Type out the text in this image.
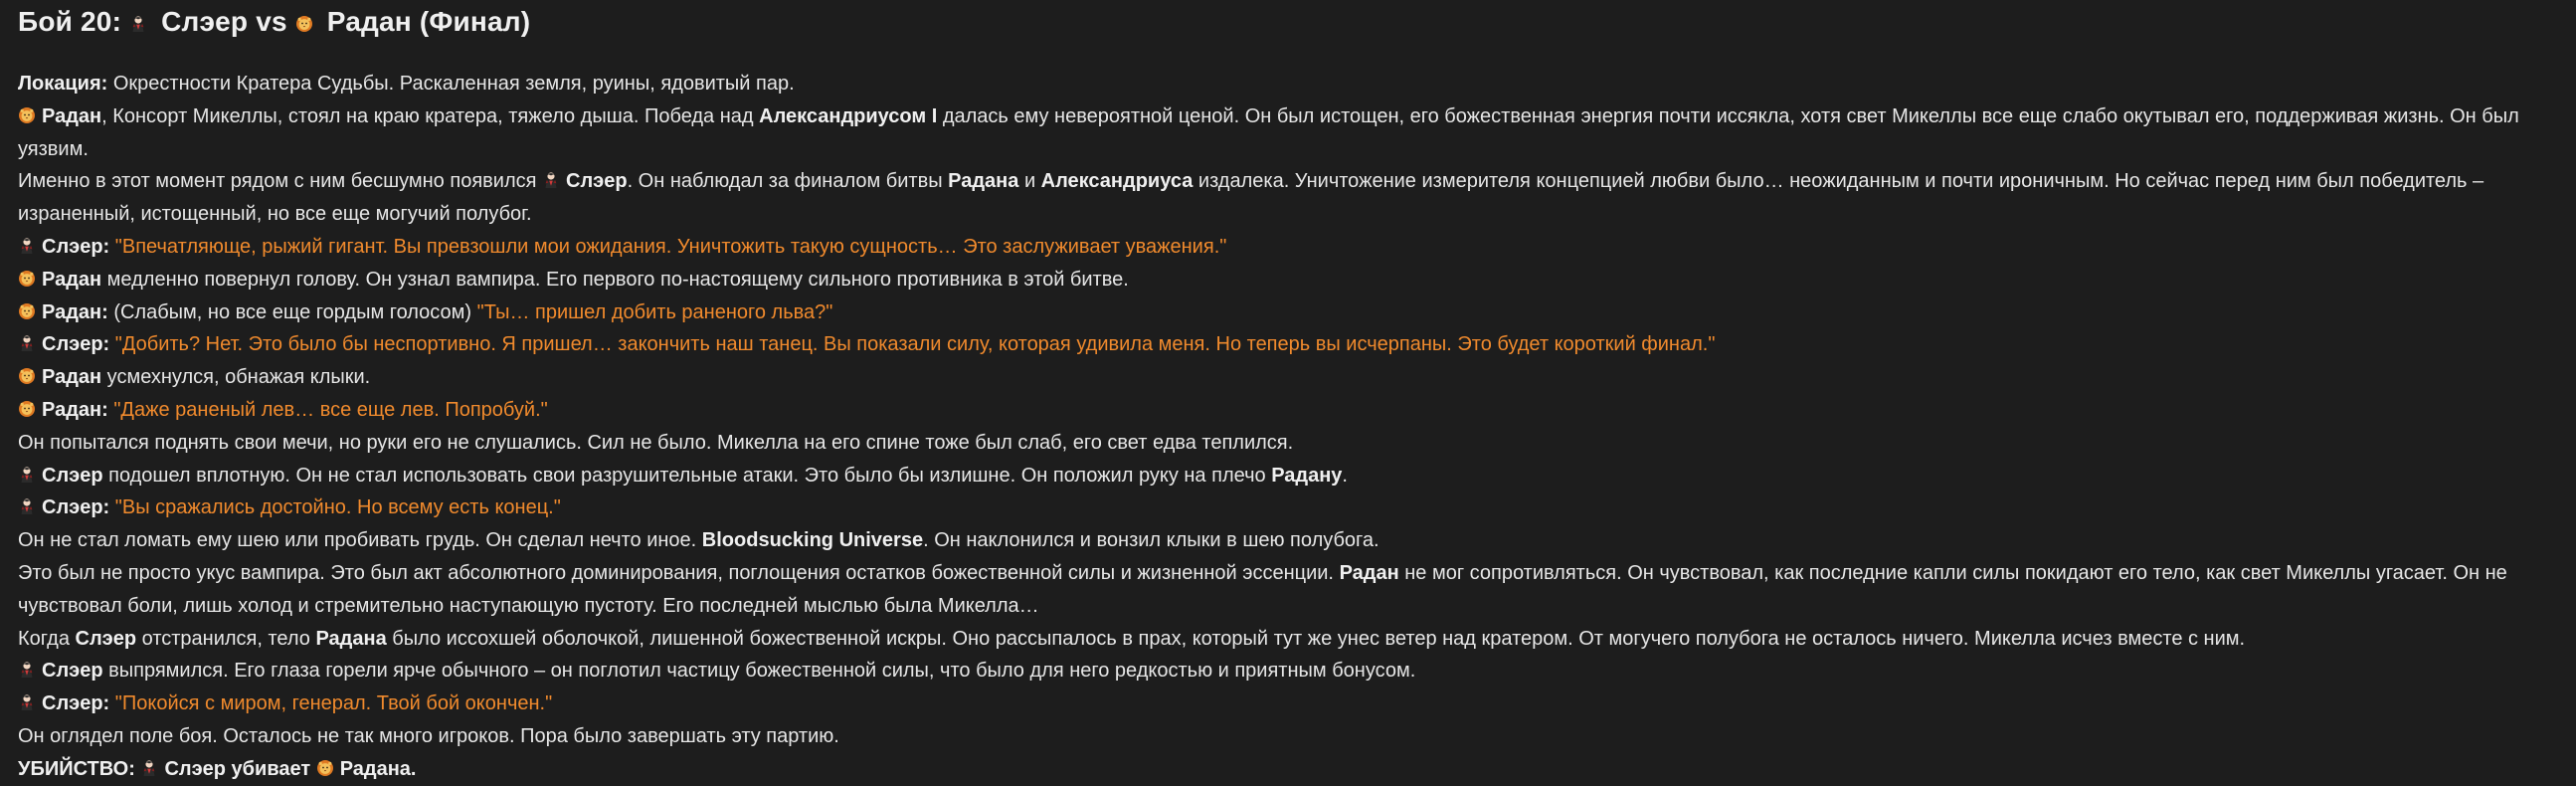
Бой 20: Слэер vs Радан (Финал)

Локация: Окрестности Кратера Судьбы. Раскаленная земля, руины, ядовитый пар.

Радан, Консорт Микеллы, стоял на краю кратера, тяжело дыша. Победа над Александриусом I далась ему невероятной ценой. Он был истощен, его божественная энергия почти иссякла, хотя свет Микеллы все еще слабо окутывал его, поддерживая жизнь. Он был уязвим.

Именно в этот момент рядом с ним бесшумно появился Слэер. Он наблюдал за финалом битвы Радана и Александриуса издалека. Уничтожение измерителя концепцией любви было… неожиданным и почти ироничным. Но сейчас перед ним был победитель – израненный, истощенный, но все еще могучий полубог.

Слэер: "Впечатляюще, рыжий гигант. Вы превзошли мои ожидания. Уничтожить такую сущность… Это заслуживает уважения."

Радан медленно повернул голову. Он узнал вампира. Его первого по-настоящему сильного противника в этой битве.

Радан: (Слабым, но все еще гордым голосом) "Ты… пришел добить раненого льва?"

Слэер: "Добить? Нет. Это было бы неспортивно. Я пришел… закончить наш танец. Вы показали силу, которая удивила меня. Но теперь вы исчерпаны. Это будет короткий финал."

Радан усмехнулся, обнажая клыки.

Радан: "Даже раненый лев… все еще лев. Попробуй."

Он попытался поднять свои мечи, но руки его не слушались. Сил не было. Микелла на его спине тоже был слаб, его свет едва теплился.

Слэер подошел вплотную. Он не стал использовать свои разрушительные атаки. Это было бы излишне. Он положил руку на плечо Радану.

Слэер: "Вы сражались достойно. Но всему есть конец."

Он не стал ломать ему шею или пробивать грудь. Он сделал нечто иное. Bloodsucking Universe. Он наклонился и вонзил клыки в шею полубога.

Это был не просто укус вампира. Это был акт абсолютного доминирования, поглощения остатков божественной силы и жизненной эссенции. Радан не мог сопротивляться. Он чувствовал, как последние капли силы покидают его тело, как свет Микеллы угасает. Он не чувствовал боли, лишь холод и стремительно наступающую пустоту. Его последней мыслью была Микелла…

Когда Слэер отстранился, тело Радана было иссохшей оболочкой, лишенной божественной искры. Оно рассыпалось в прах, который тут же унес ветер над кратером. От могучего полубога не осталось ничего. Микелла исчез вместе с ним.

Слэер выпрямился. Его глаза горели ярче обычного – он поглотил частицу божественной силы, что было для него редкостью и приятным бонусом.

Слэер: "Покойся с миром, генерал. Твой бой окончен."

Он оглядел поле боя. Осталось не так много игроков. Пора было завершать эту партию.

УБИЙСТВО: Слэер убивает Радана.
